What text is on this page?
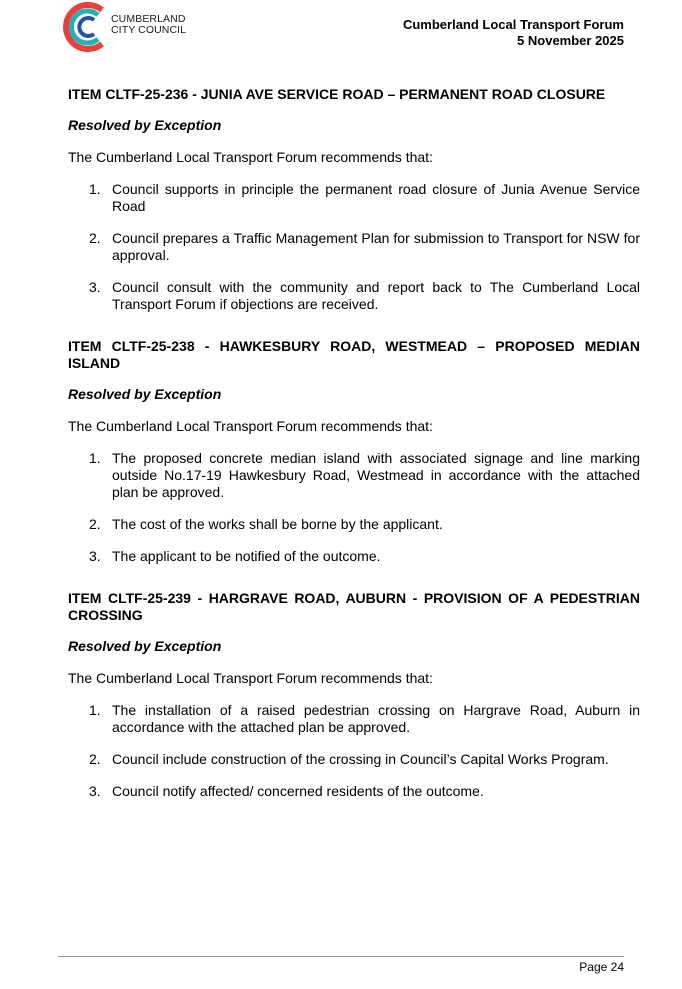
CUMBERLAND
CITY COUNCIL	Cumberland Local Transport Forum
5 November 2025

ITEM CLTF-25-236 - JUNIA AVE SERVICE ROAD – PERMANENT ROAD CLOSURE

Resolved by Exception

The Cumberland Local Transport Forum recommends that:

1. Council supports in principle the permanent road closure of Junia Avenue Service Road
2. Council prepares a Traffic Management Plan for submission to Transport for NSW for approval.
3. Council consult with the community and report back to The Cumberland Local Transport Forum if objections are received.

ITEM CLTF-25-238 - HAWKESBURY ROAD, WESTMEAD – PROPOSED MEDIAN ISLAND

Resolved by Exception

The Cumberland Local Transport Forum recommends that:

1. The proposed concrete median island with associated signage and line marking outside No.17-19 Hawkesbury Road, Westmead in accordance with the attached plan be approved.
2. The cost of the works shall be borne by the applicant.
3. The applicant to be notified of the outcome.

ITEM CLTF-25-239 - HARGRAVE ROAD, AUBURN - PROVISION OF A PEDESTRIAN CROSSING

Resolved by Exception

The Cumberland Local Transport Forum recommends that:

1. The installation of a raised pedestrian crossing on Hargrave Road, Auburn in accordance with the attached plan be approved.
2. Council include construction of the crossing in Council’s Capital Works Program.
3. Council notify affected/ concerned residents of the outcome.
Page 24
